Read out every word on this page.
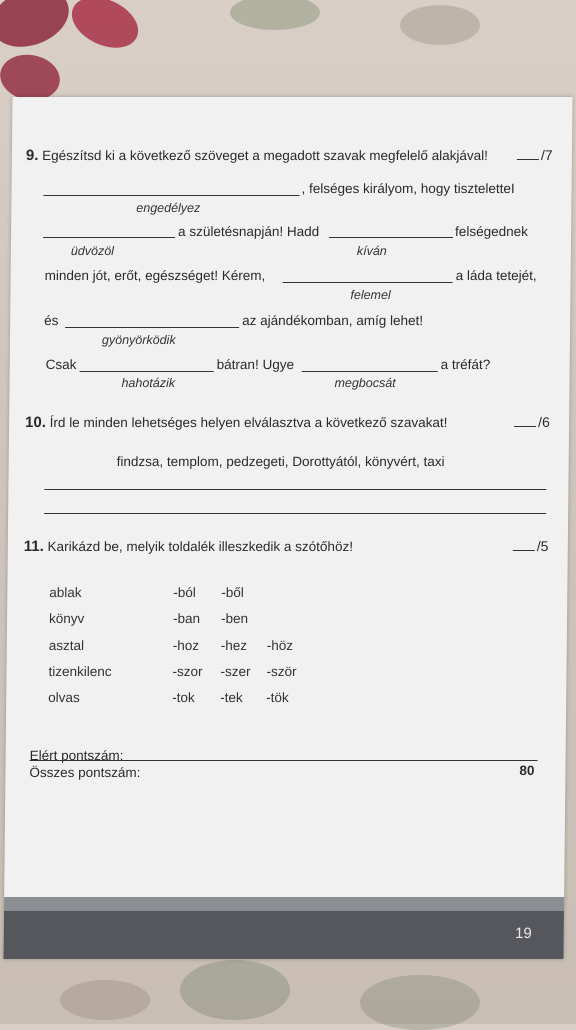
9. Egészítsd ki a következő szöveget a megadott szavak megfelelő alakjával!	/7
, felséges királyom, hogy tiszteletteI
engedélyez
a születésnapján! Hadd	felségednek
üdvözöl	kíván
minden jót, erőt, egészséget! Kérem,	a láda tetejét,
felemel
és	az ajándékomban, amíg lehet!
gyönyörködik
Csak	bátran! Ugye	a tréfát?
hahotázik	megbocsát
10. Írd le minden lehetséges helyen elválasztva a következő szavakat!	/6
findzsa, templom, pedzegeti, Dorottyától, könyvért, taxi
11. Karikázd be, melyik toldalék illeszkedik a szótőhöz!	/5
ablak	-ból -ből
könyv	-ban -ben
asztal	-hoz -hez -höz
tizenkilenc	-szor -szer -ször
olvas	-tok -tek -tök
Elért pontszám:
Összes pontszám:	80
19
